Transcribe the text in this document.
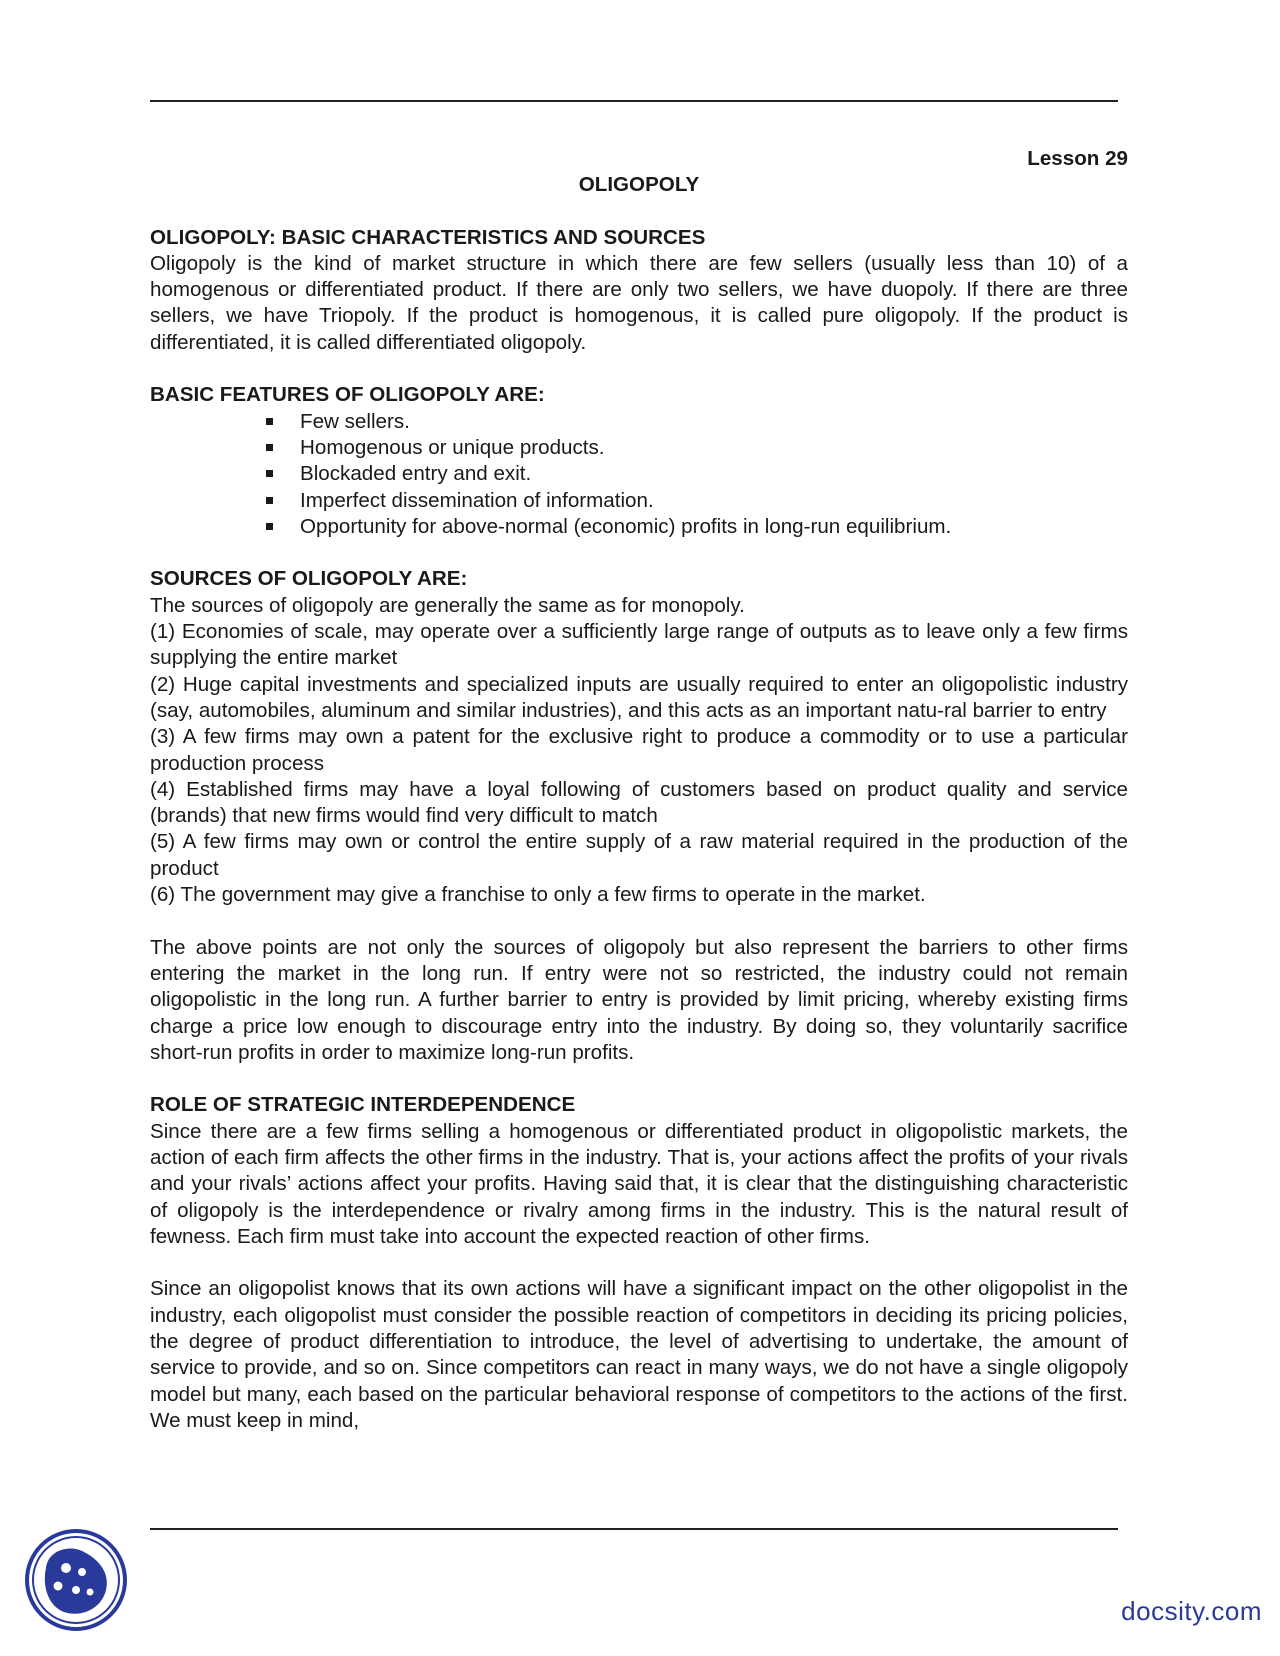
Lesson 29
OLIGOPOLY
OLIGOPOLY: BASIC CHARACTERISTICS AND SOURCES

Oligopoly is the kind of market structure in which there are few sellers (usually less than 10) of a homogenous or differentiated product. If there are only two sellers, we have duopoly. If there are three sellers, we have Triopoly. If the product is homogenous, it is called pure oligopoly. If the product is differentiated, it is called differentiated oligopoly.

BASIC FEATURES OF OLIGOPOLY ARE:
Few sellers.
Homogenous or unique products.
Blockaded entry and exit.
Imperfect dissemination of information.
Opportunity for above-normal (economic) profits in long-run equilibrium.
SOURCES OF OLIGOPOLY ARE:

The sources of oligopoly are generally the same as for monopoly.

(1) Economies of scale, may operate over a sufficiently large range of outputs as to leave only a few firms supplying the entire market

(2) Huge capital investments and specialized inputs are usually required to enter an oligopolistic industry (say, automobiles, aluminum and similar industries), and this acts as an important natu-ral barrier to entry

(3) A few firms may own a patent for the exclusive right to produce a commodity or to use a particular production process

(4) Established firms may have a loyal following of customers based on product quality and service (brands) that new firms would find very difficult to match

(5) A few firms may own or control the entire supply of a raw material required in the production of the product

(6) The government may give a franchise to only a few firms to operate in the market.

The above points are not only the sources of oligopoly but also represent the barriers to other firms entering the market in the long run. If entry were not so restricted, the industry could not remain oligopolistic in the long run. A further barrier to entry is provided by limit pricing, whereby existing firms charge a price low enough to discourage entry into the industry. By doing so, they voluntarily sacrifice short-run profits in order to maximize long-run profits.

ROLE OF STRATEGIC INTERDEPENDENCE

Since there are a few firms selling a homogenous or differentiated product in oligopolistic markets, the action of each firm affects the other firms in the industry. That is, your actions affect the profits of your rivals and your rivals’ actions affect your profits. Having said that, it is clear that the distinguishing characteristic of oligopoly is the interdependence or rivalry among firms in the industry. This is the natural result of fewness. Each firm must take into account the expected reaction of other firms.

Since an oligopolist knows that its own actions will have a significant impact on the other oligopolist in the industry, each oligopolist must consider the possible reaction of competitors in deciding its pricing policies, the degree of product differentiation to introduce, the level of advertising to undertake, the amount of service to provide, and so on. Since competitors can react in many ways, we do not have a single oligopoly model but many, each based on the particular behavioral response of competitors to the actions of the first. We must keep in mind,

docsity.com
